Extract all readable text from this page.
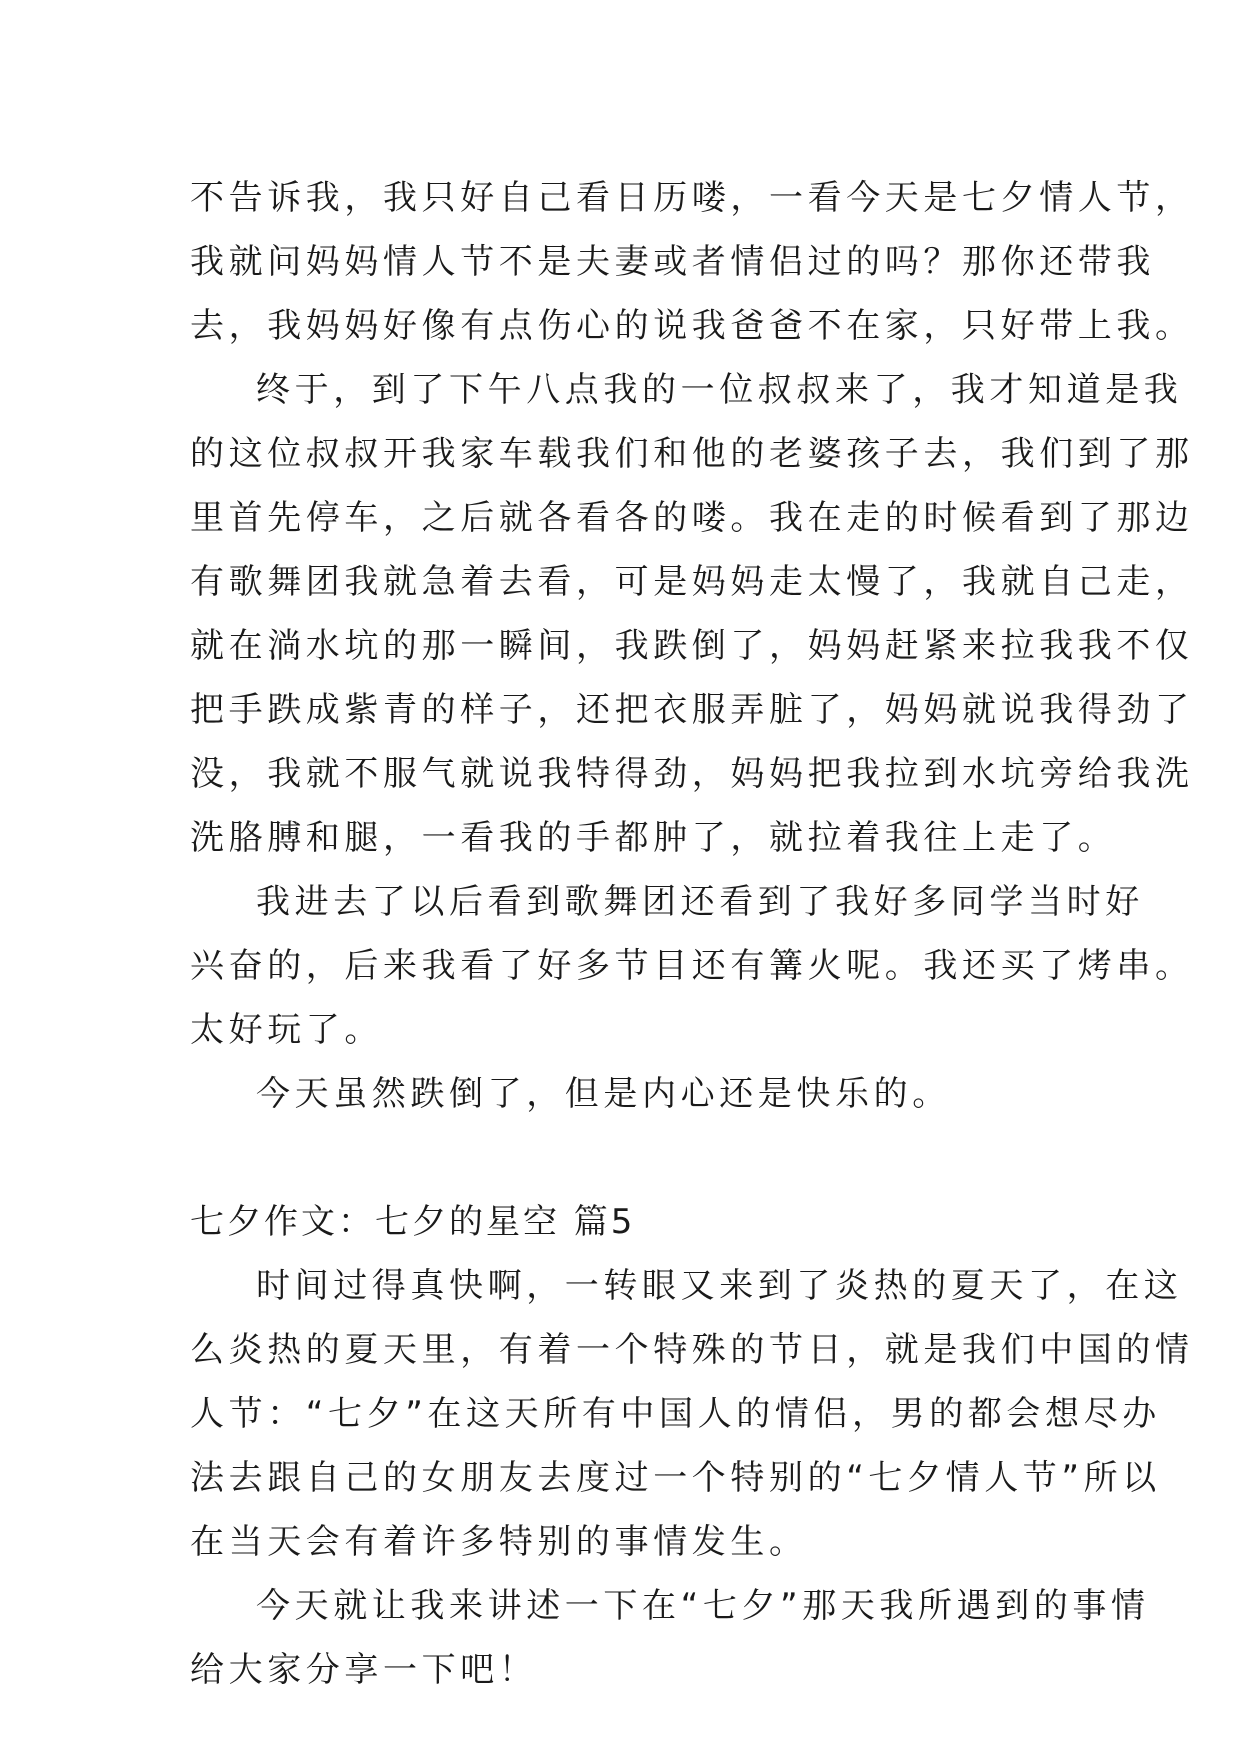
不告诉我，我只好自己看日历喽，一看今天是七夕情人节，
我就问妈妈情人节不是夫妻或者情侣过的吗？那你还带我
去，我妈妈好像有点伤心的说我爸爸不在家，只好带上我。
终于，到了下午八点我的一位叔叔来了，我才知道是我
的这位叔叔开我家车载我们和他的老婆孩子去，我们到了那
里首先停车，之后就各看各的喽。我在走的时候看到了那边
有歌舞团我就急着去看，可是妈妈走太慢了，我就自己走，
就在淌水坑的那一瞬间，我跌倒了，妈妈赶紧来拉我我不仅
把手跌成紫青的样子，还把衣服弄脏了，妈妈就说我得劲了
没，我就不服气就说我特得劲，妈妈把我拉到水坑旁给我洗
洗胳膊和腿，一看我的手都肿了，就拉着我往上走了。
我进去了以后看到歌舞团还看到了我好多同学当时好
兴奋的，后来我看了好多节目还有篝火呢。我还买了烤串。
太好玩了。
今天虽然跌倒了，但是内心还是快乐的。
七夕作文：七夕的星空 篇5
时间过得真快啊，一转眼又来到了炎热的夏天了，在这
么炎热的夏天里，有着一个特殊的节日，就是我们中国的情
人节：“七夕”在这天所有中国人的情侣，男的都会想尽办
法去跟自己的女朋友去度过一个特别的“七夕情人节”所以
在当天会有着许多特别的事情发生。
今天就让我来讲述一下在“七夕”那天我所遇到的事情
给大家分享一下吧！
